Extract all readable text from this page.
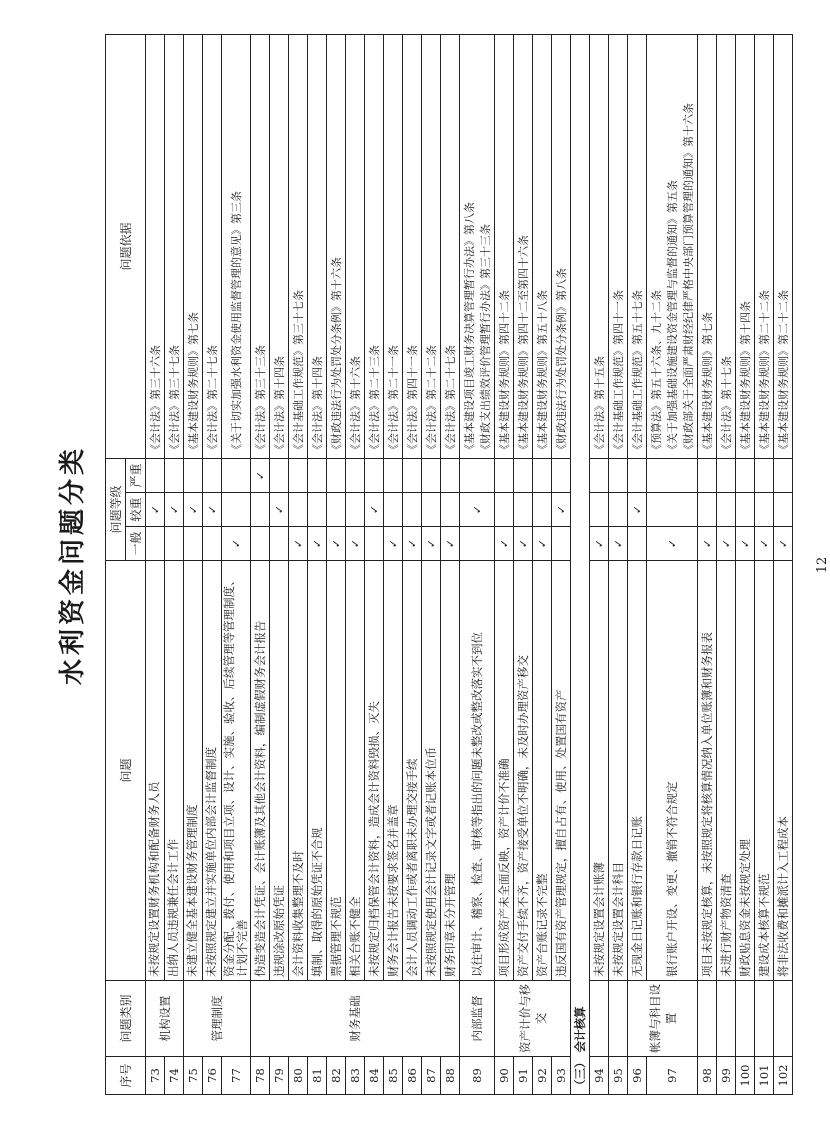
水利资金问题分类
序号	问题类别	问题	问题等级			问题依据
			一般	较重	严重	
73	机构设置	未按规定设置财务机构和配备财务人员		✓		《会计法》第三十六条

74		出纳人员违规兼任会计工作		✓		《会计法》第三十七条

75	管理制度	未建立健全基本建设财务管理制度		✓		《基本建设财务规则》第七条

76		未按照规定建立并实施单位内部会计监督制度		✓		《会计法》第二十七条

77		资金分配、拨付、使用和项目立项、设计、实施、验收、后续管理等管理制度、计划不完善	✓			《关于切实加强水利资金使用监督管理的意见》第三条

78	财务基础	伪造变造会计凭证、会计账簿及其他会计资料，编制虚假财务会计报告			✓	《会计法》第三十三条

79		违规涂改原始凭证		✓		《会计法》第十四条

80		会计资料收集整理不及时	✓			《会计基础工作规范》第三十七条

81		填制、取得的原始凭证不合规	✓			《会计法》第十四条

82		票据管理不规范	✓			《财政违法行为处罚处分条例》第十六条

83		相关台账不健全	✓			《会计法》第十六条

84		未按规定归档保管会计资料，造成会计资料毁损、灭失		✓		《会计法》第二十三条

85		财务会计报告未按要求签名并盖章	✓			《会计法》第二十一条

86		会计人员调动工作或者离职未办理交接手续	✓			《会计法》第四十一条

87		未按照规定使用会计记录文字或者记账本位币	✓			《会计法》第二十二条

88		财务印章未分开管理	✓			《会计法》第二十七条

89	内部监督	以往审计、稽察、检查、审核等指出的问题未整改或整改落实不到位		✓		《基本建设项目竣工财务决算管理暂行办法》第八条 《财政支出绩效评价管理暂行办法》第三十三条

90	资产计价与移交	项目形成资产未全面反映，资产计价不准确	✓			《基本建设财务规则》第四十二条

91		资产交付手续不齐，资产接受单位不明确，未及时办理资产移交	✓			《基本建设财务规则》第四十二至第四十六条

92		资产台账记录不完整	✓			《基本建设财务规则》第五十八条

93		违反国有资产管理规定，擅自占有、使用、处置国有资产		✓		《财政违法行为处罚处分条例》第八条

（三） 会计核算						
94		未按规定设置会计账簿	✓			《会计法》第十五条

95		未按规定设置会计科目	✓			《会计基础工作规范》第四十一条

96	帐簿与科目设置	无现金日记账和银行存款日记账		✓		《会计基础工作规范》第五十七条

97		银行账户开设、变更、撤销不符合规定	✓			《预算法》第五十六条、九十二条 《关于加强基础设施建设资金管理与监督的通知》第五条 《财政部关于全面严肃财经纪律严格中央部门预算管理的通知》第十六条

98		项目未按规定核算，未按照规定将核算情况纳入单位账簿和财务报表	✓			《基本建设财务规则》第七条

99		未进行财产物资清查	✓			《会计法》第十七条

100		财政贴息资金未按规定处理	✓			《基本建设财务规则》第十四条

101		建设成本核算不规范	✓			《基本建设财务规则》第二十二条

102		将非法收费和摊派计入工程成本	✓			《基本建设财务规则》第二十二条
12
